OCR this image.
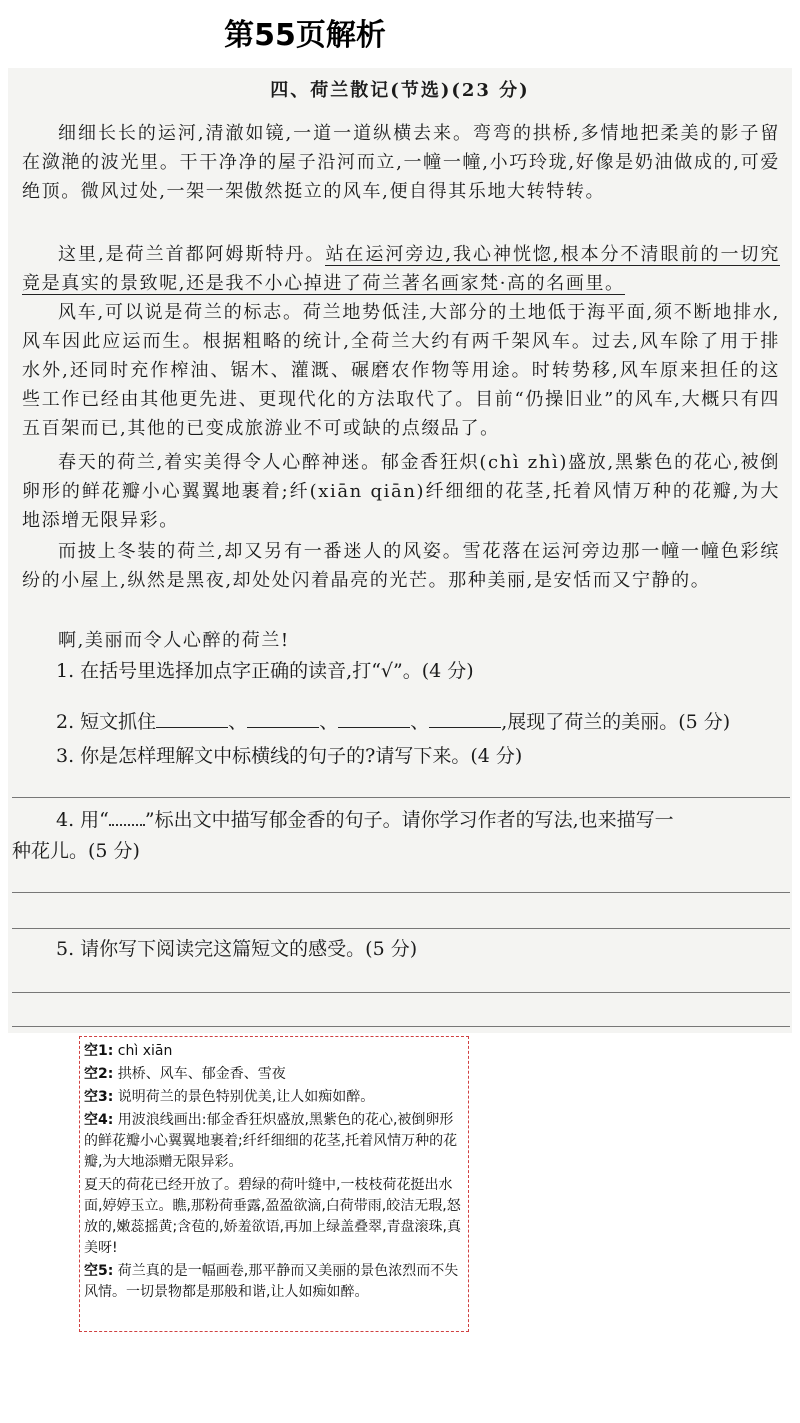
第55页解析
四、荷兰散记(节选)(23 分)
细细长长的运河,清澈如镜,一道一道纵横去来。弯弯的拱桥,多情地把柔美的影子留在潋滟的波光里。干干净净的屋子沿河而立,一幢一幢,小巧玲珑,好像是奶油做成的,可爱绝顶。微风过处,一架一架傲然挺立的风车,便自得其乐地大转特转。
这里,是荷兰首都阿姆斯特丹。站在运河旁边,我心神恍惚,根本分不清眼前的一切究竟是真实的景致呢,还是我不小心掉进了荷兰著名画家梵·高的名画里。
风车,可以说是荷兰的标志。荷兰地势低洼,大部分的土地低于海平面,须不断地排水,风车因此应运而生。根据粗略的统计,全荷兰大约有两千架风车。过去,风车除了用于排水外,还同时充作榨油、锯木、灌溉、碾磨农作物等用途。时转势移,风车原来担任的这些工作已经由其他更先进、更现代化的方法取代了。目前“仍操旧业”的风车,大概只有四五百架而已,其他的已变成旅游业不可或缺的点缀品了。
春天的荷兰,着实美得令人心醉神迷。郁金香狂炽(chì zhì)盛放,黑紫色的花心,被倒卵形的鲜花瓣小心翼翼地裹着;纤(xiān qiān)纤细细的花茎,托着风情万种的花瓣,为大地添增无限异彩。
而披上冬装的荷兰,却又另有一番迷人的风姿。雪花落在运河旁边那一幢一幢色彩缤纷的小屋上,纵然是黑夜,却处处闪着晶亮的光芒。那种美丽,是安恬而又宁静的。
啊,美丽而令人心醉的荷兰!
1. 在括号里选择加点字正确的读音,打“√”。(4 分)
2. 短文抓住	、	、	、	,展现了荷兰的美丽。(5 分)
3. 你是怎样理解文中标横线的句子的?请写下来。(4 分)
4. 用“ ”标出文中描写郁金香的句子。请你学习作者的写法,也来描写一
种花儿。(5 分)
5. 请你写下阅读完这篇短文的感受。(5 分)
空1: chì xiān
空2: 拱桥、风车、郁金香、雪夜
空3: 说明荷兰的景色特别优美,让人如痴如醉。
空4: 用波浪线画出:郁金香狂炽盛放,黑紫色的花心,被倒卵形的鲜花瓣小心翼翼地裹着;纤纤细细的花茎,托着风情万种的花瓣,为大地添赠无限异彩。
夏天的荷花已经开放了。碧绿的荷叶缝中,一枝枝荷花挺出水面,婷婷玉立。瞧,那粉荷垂露,盈盈欲滴,白荷带雨,皎洁无瑕,怒放的,嫩蕊摇黄;含苞的,娇羞欲语,再加上绿盖叠翠,青盘滚珠,真美呀!
空5: 荷兰真的是一幅画卷,那平静而又美丽的景色浓烈而不失风情。一切景物都是那般和谐,让人如痴如醉。
